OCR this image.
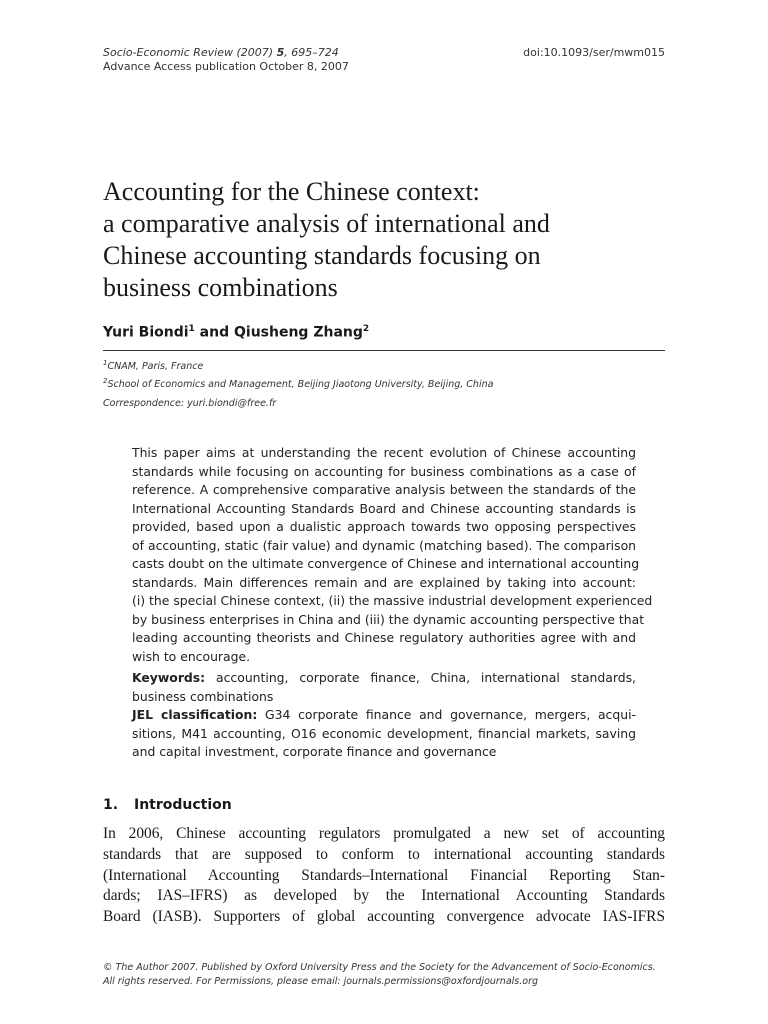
Socio-Economic Review (2007) 5, 695–724
Advance Access publication October 8, 2007
doi:10.1093/ser/mwm015
Accounting for the Chinese context:
a comparative analysis of international and
Chinese accounting standards focusing on
business combinations
Yuri Biondi$^1$ and Qiusheng Zhang$^2$
$^1$CNAM, Paris, France
$^2$School of Economics and Management, Beijing Jiaotong University, Beijing, China
Correspondence: yuri.biondi@free.fr

This paper aims at understanding the recent evolution of Chinese accounting
standards while focusing on accounting for business combinations as a case of
reference. A comprehensive comparative analysis between the standards of the
International Accounting Standards Board and Chinese accounting standards is
provided, based upon a dualistic approach towards two opposing perspectives
of accounting, static (fair value) and dynamic (matching based). The comparison
casts doubt on the ultimate convergence of Chinese and international accounting
standards. Main differences remain and are explained by taking into account:
(i) the special Chinese context, (ii) the massive industrial development experienced
by business enterprises in China and (iii) the dynamic accounting perspective that
leading accounting theorists and Chinese regulatory authorities agree with and
wish to encourage.

Keywords: accounting, corporate finance, China, international standards,
business combinations
JEL classification: G34 corporate finance and governance, mergers, acqui-
sitions, M41 accounting, O16 economic development, financial markets, saving
and capital investment, corporate finance and governance
1. Introduction
In 2006, Chinese accounting regulators promulgated a new set of accounting
standards that are supposed to conform to international accounting standards
(International Accounting Standards–International Financial Reporting Stan-
dards; IAS–IFRS) as developed by the International Accounting Standards
Board (IASB). Supporters of global accounting convergence advocate IAS-IFRS
© The Author 2007. Published by Oxford University Press and the Society for the Advancement of Socio-Economics.
All rights reserved. For Permissions, please email: journals.permissions@oxfordjournals.org
